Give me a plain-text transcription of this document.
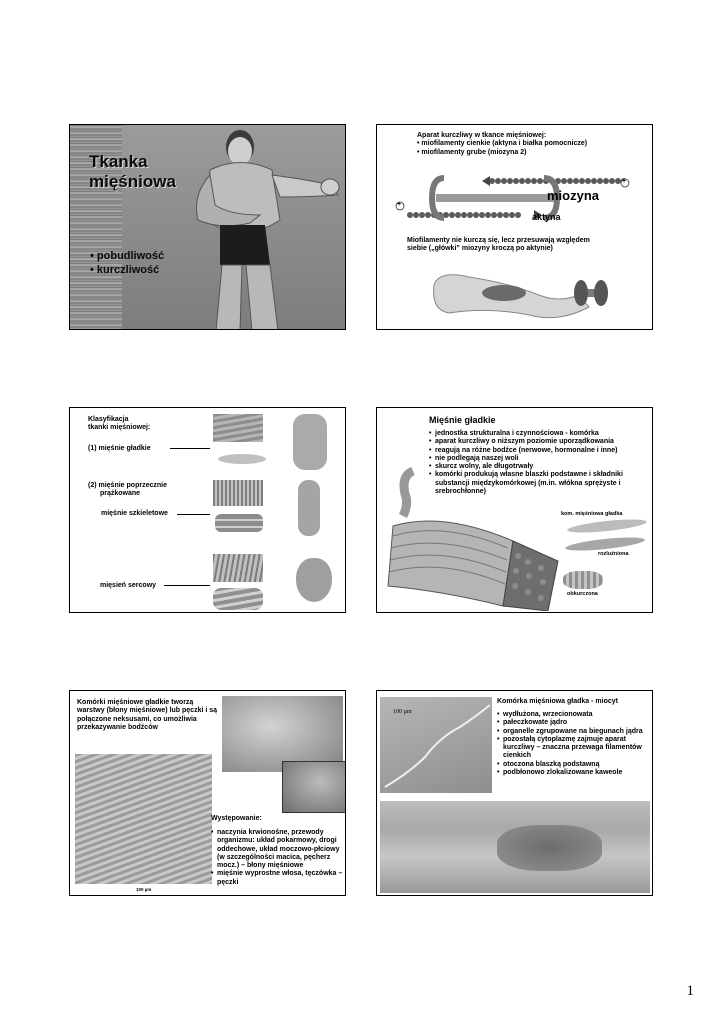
Tkanka
mięśniowa
• pobudliwość
• kurczliwość
Aparat kurczliwy w tkance mięśniowej:
• miofilamenty cienkie (aktyna i białka pomocnicze)
• miofilamenty grube (miozyna 2)
+
+
miozyna
aktyna
Miofilamenty nie kurczą się, lecz przesuwają względem
siebie („główki” miozyny kroczą po aktynie)
Klasyfikacja
tkanki mięśniowej:
(1) mięśnie gładkie
(2) mięśnie poprzecznie
prążkowane
mięśnie szkieletowe
mięsień sercowy
Mięśnie gładkie
• jednostka strukturalna i czynnościowa - komórka
• aparat kurczliwy o niższym poziomie uporządkowania
• reagują na różne bodźce (nerwowe, hormonalne i inne)
• nie podlegają naszej woli
• skurcz wolny, ale długotrwały
• komórki produkują własne blaszki podstawne i składniki substancji międzykomórkowej (m.in. włókna sprężyste i srebrochłonne)
kom. mięśniowa gładka
rozluźniona
obkurczona
Komórki mięśniowe gładkie tworzą warstwy (błony mięśniowe) lub pęczki i są połączone neksusami, co umożliwia przekazywanie bodźców
100 µm
Występowanie:
• naczynia krwionośne, przewody organizmu: układ pokarmowy, drogi oddechowe, układ moczowo-płciowy (w szczególności macica, pęcherz mocz.) – błony mięśniowe
• mięśnie wyprostne włosa, tęczówka – pęczki
100 µm
Komórka mięśniowa gładka - miocyt
• wydłużona, wrzecionowata
• pałeczkowate jądro
• organelle zgrupowane na biegunach jądra
• pozostałą cytoplazmę zajmuje aparat kurczliwy – znaczna przewaga filamentów cienkich
• otoczona blaszką podstawną
• podbłonowo zlokalizowane kaweole
1
